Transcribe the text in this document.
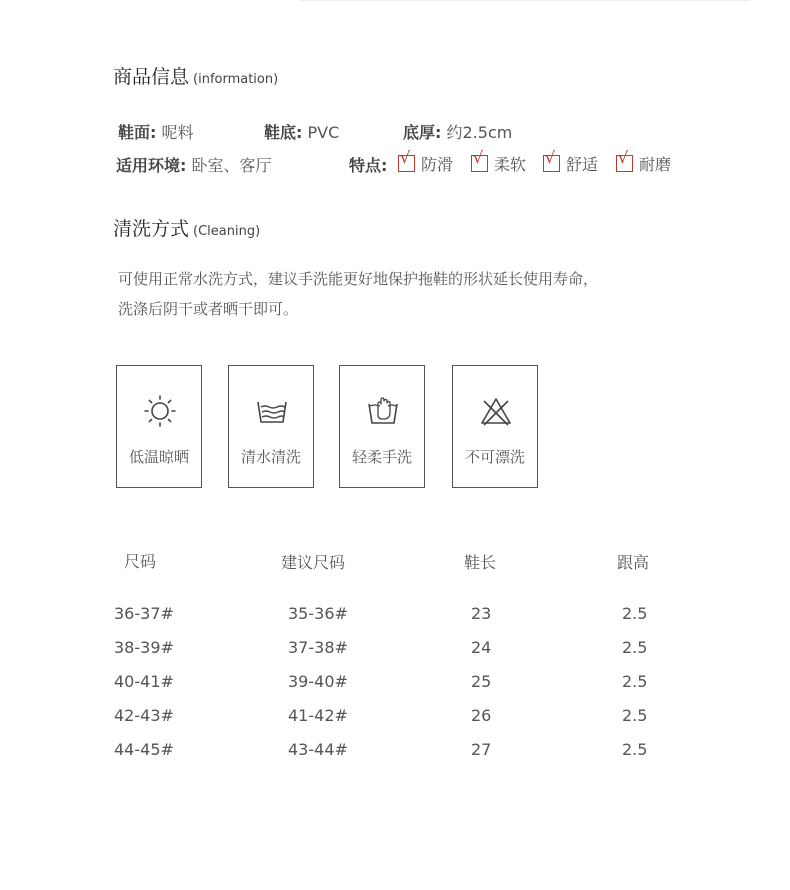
商品信息 (information)
鞋面: 呢料	鞋底: PVC	底厚: 约2.5cm
适用环境: 卧室、客厅	特点: √ 防滑 √ 柔软 √ 舒适 √ 耐磨
清洗方式 (Cleaning)
可使用正常水洗方式，建议手洗能更好地保护拖鞋的形状延长使用寿命，
洗涤后阴干或者晒干即可。
低温晾晒	清水清洗	轻柔手洗	不可漂洗
尺码	建议尺码	鞋长	跟高
36-37#	35-36#	23	2.5
38-39#	37-38#	24	2.5
40-41#	39-40#	25	2.5
42-43#	41-42#	26	2.5
44-45#	43-44#	27	2.5
